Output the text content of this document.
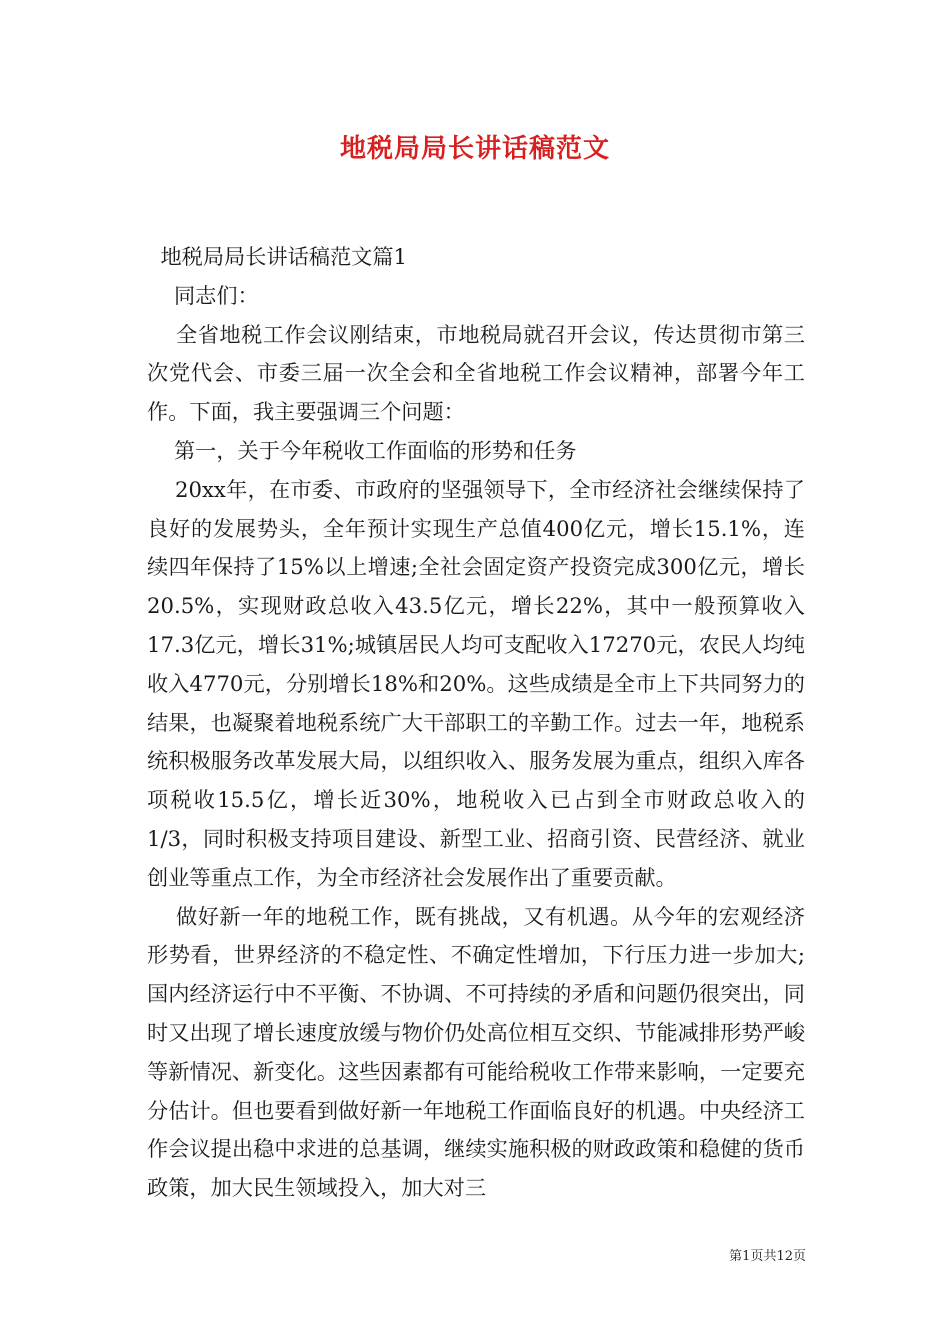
地税局局长讲话稿范文

地税局局长讲话稿范文篇1

同志们：

全省地税工作会议刚结束，市地税局就召开会议，传达贯彻市第三次党代会、市委三届一次全会和全省地税工作会议精神，部署今年工作。下面，我主要强调三个问题：

第一，关于今年税收工作面临的形势和任务

20xx年，在市委、市政府的坚强领导下，全市经济社会继续保持了良好的发展势头，全年预计实现生产总值400亿元，增长15.1%，连续四年保持了15%以上增速;全社会固定资产投资完成300亿元，增长20.5%，实现财政总收入43.5亿元，增长22%，其中一般预算收入17.3亿元，增长31%;城镇居民人均可支配收入17270元，农民人均纯收入4770元，分别增长18%和20%。这些成绩是全市上下共同努力的结果，也凝聚着地税系统广大干部职工的辛勤工作。过去一年，地税系统积极服务改革发展大局，以组织收入、服务发展为重点，组织入库各项税收15.5亿，增长近30%，地税收入已占到全市财政总收入的1/3，同时积极支持项目建设、新型工业、招商引资、民营经济、就业创业等重点工作，为全市经济社会发展作出了重要贡献。

做好新一年的地税工作，既有挑战，又有机遇。从今年的宏观经济形势看，世界经济的不稳定性、不确定性增加，下行压力进一步加大;国内经济运行中不平衡、不协调、不可持续的矛盾和问题仍很突出，同时又出现了增长速度放缓与物价仍处高位相互交织、节能减排形势严峻等新情况、新变化。这些因素都有可能给税收工作带来影响，一定要充分估计。但也要看到做好新一年地税工作面临良好的机遇。中央经济工作会议提出稳中求进的总基调，继续实施积极的财政政策和稳健的货币政策，加大民生领域投入，加大对三

第1页共12页
